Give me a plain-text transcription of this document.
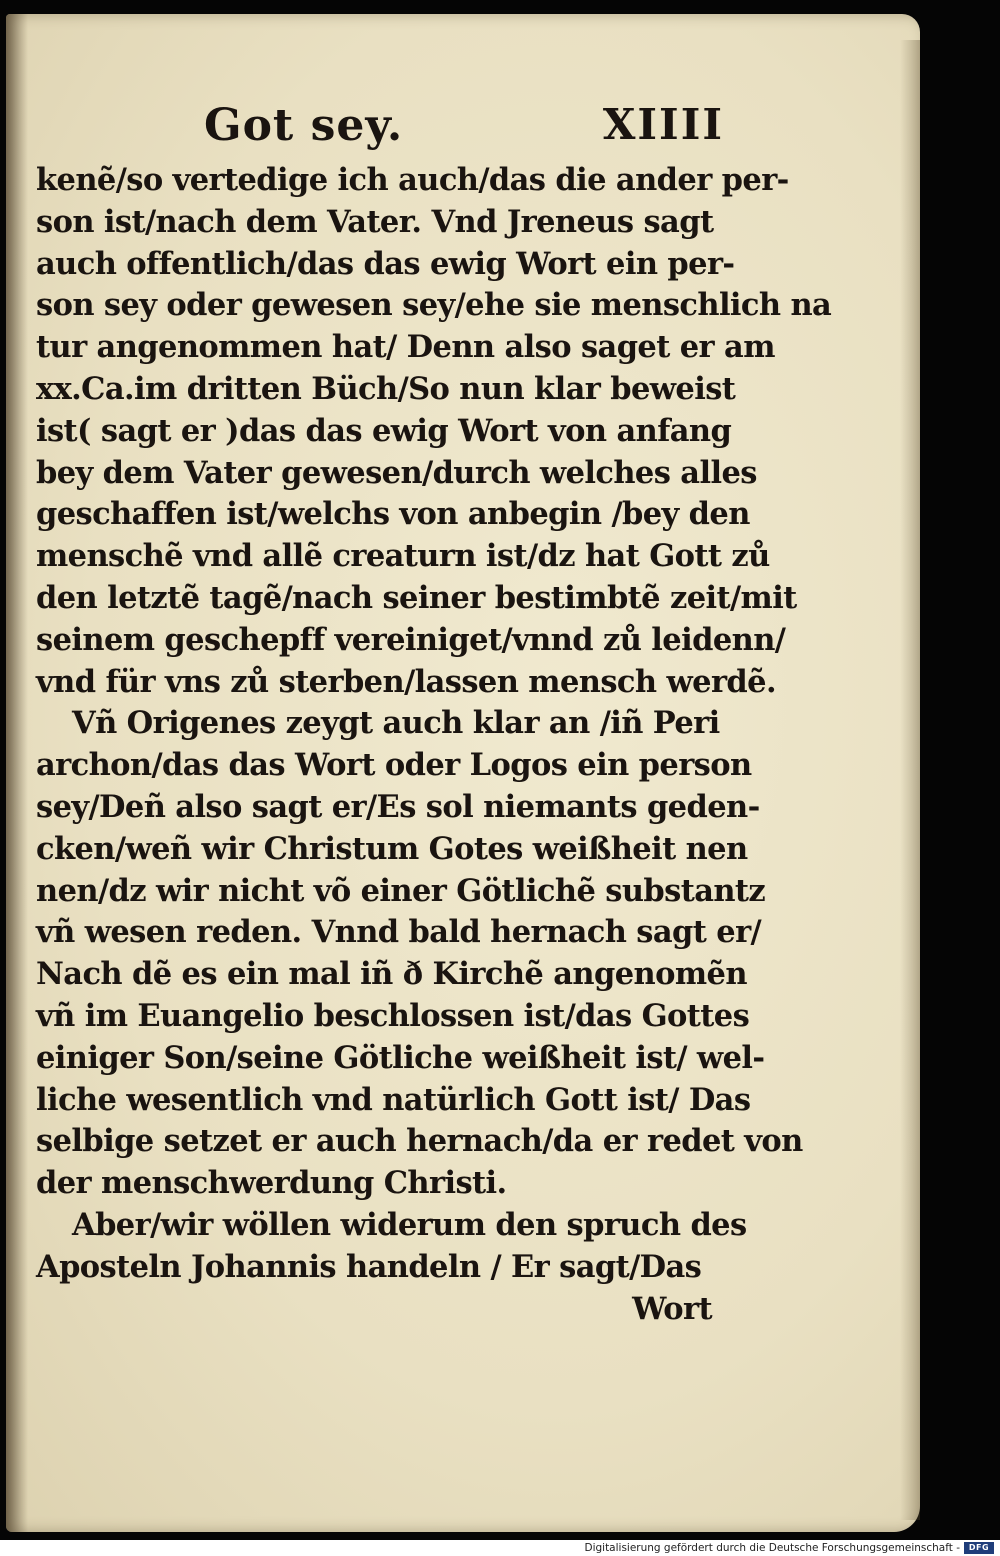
Got sey.	XIIII
kenẽ/so vertedige ich auch/das die ander per-
son ist/nach dem Vater. Vnd Jreneus sagt
auch offentlich/das das ewig Wort ein per-
son sey oder gewesen sey/ehe sie menschlich na
tur angenommen hat/ Denn also saget er am
xx.Ca.im dritten Büch/So nun klar beweist
ist( sagt er )das das ewig Wort von anfang
bey dem Vater gewesen/durch welches alles
geschaffen ist/welchs von anbegin /bey den
menschẽ vnd allẽ creaturn ist/dz hat Gott zů
den letztẽ tagẽ/nach seiner bestimbtẽ zeit/mit
seinem geschepff vereiniget/vnnd zů leidenn/
vnd für vns zů sterben/lassen mensch werdẽ.
Vñ Origenes zeygt auch klar an /iñ Peri
archon/das das Wort oder Logos ein person
sey/Deñ also sagt er/Es sol niemants geden-
cken/weñ wir Christum Gotes weißheit nen
nen/dz wir nicht võ einer Götlichẽ substantz
vñ wesen reden. Vnnd bald hernach sagt er/
Nach dẽ es ein mal iñ ð Kirchẽ angenomẽn
vñ im Euangelio beschlossen ist/das Gottes
einiger Son/seine Götliche weißheit ist/ wel-
liche wesentlich vnd natürlich Gott ist/ Das
selbige setzet er auch hernach/da er redet von
der menschwerdung Christi.
Aber/wir wöllen widerum den spruch des
Aposteln Johannis handeln / Er sagt/Das
Wort
Digitalisierung gefördert durch die Deutsche Forschungsgemeinschaft -	DFG
